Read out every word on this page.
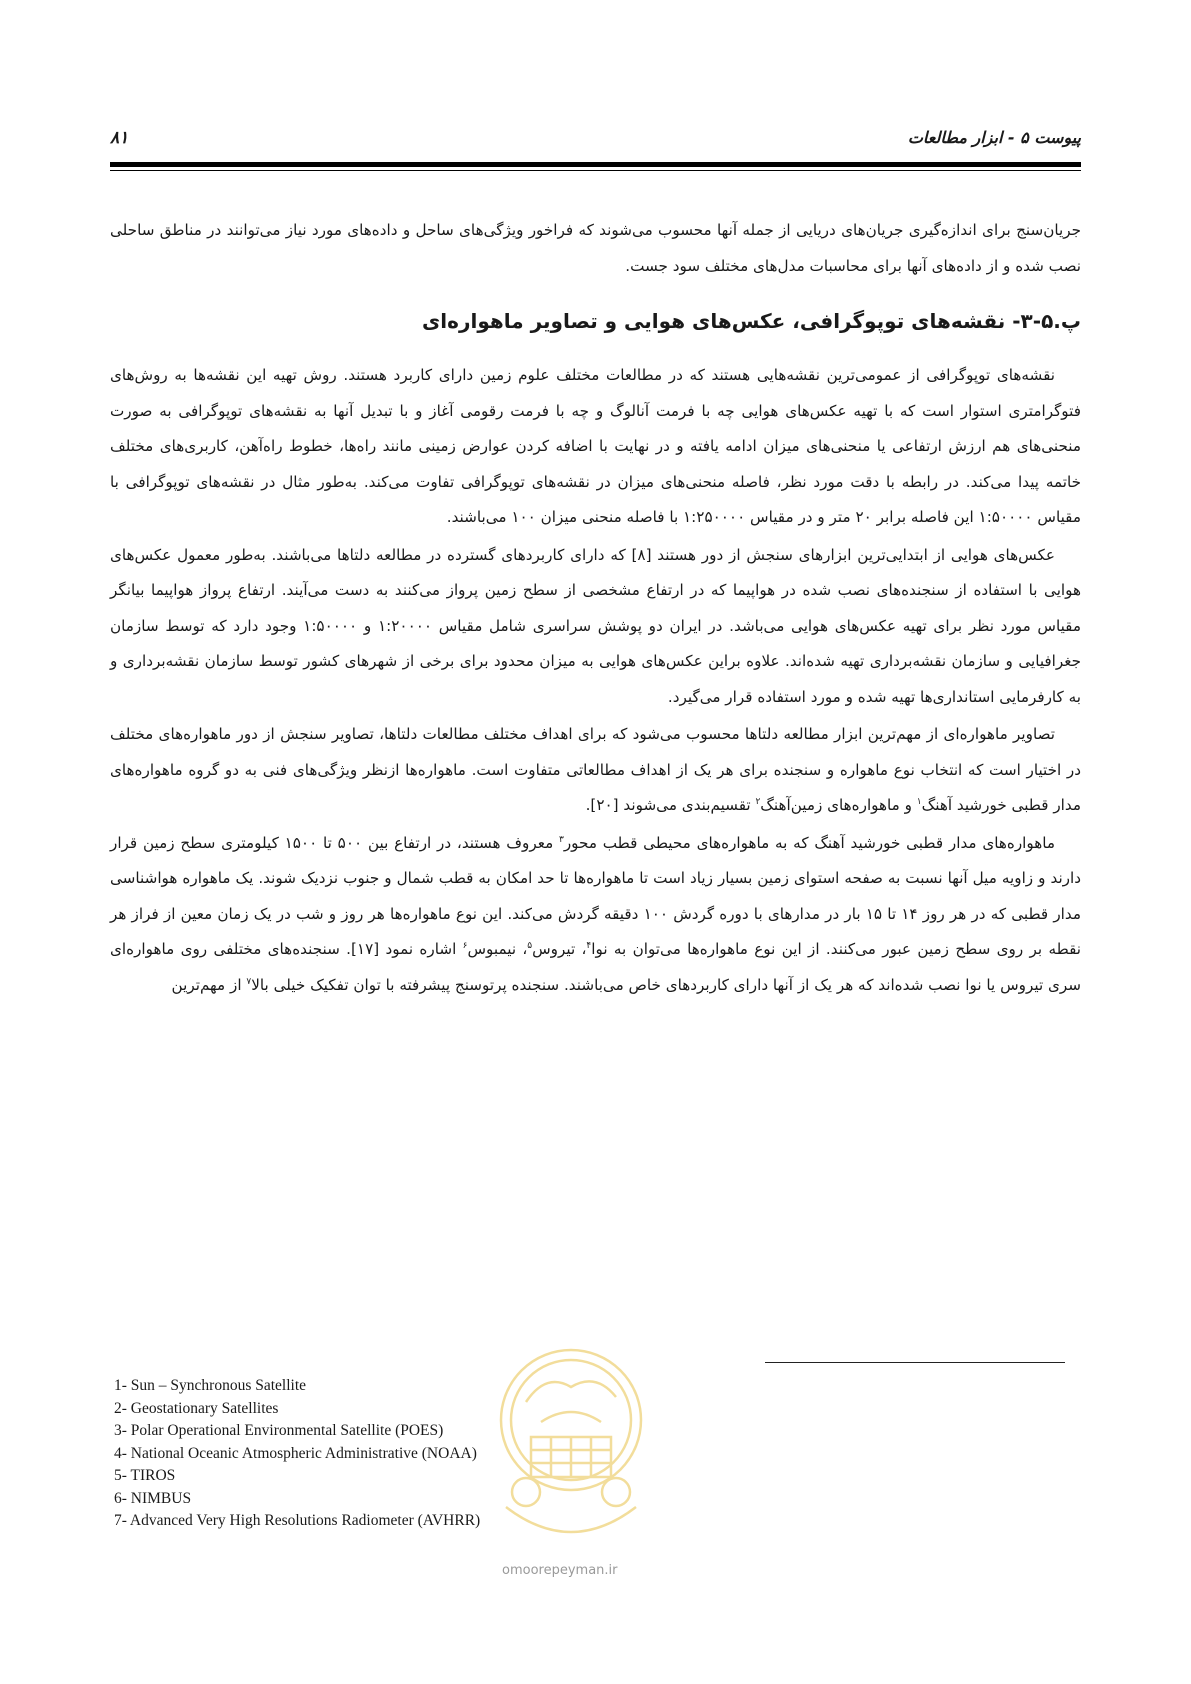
پیوست ۵ - ابزار مطالعات
۸۱

جریان‌سنج برای اندازه‌گیری جریان‌های دریایی از جمله آنها محسوب می‌شوند که فراخور ویژگی‌های ساحل و داده‌های مورد نیاز می‌توانند در مناطق ساحلی نصب شده و از داده‌های آنها برای محاسبات مدل‌های مختلف سود جست.

پ.۵-۳- نقشه‌های توپوگرافی، عکس‌های هوایی و تصاویر ماهواره‌ای

نقشه‌های توپوگرافی از عمومی‌ترین نقشه‌هایی هستند که در مطالعات مختلف علوم زمین دارای کاربرد هستند. روش تهیه این نقشه‌ها به روش‌های فتوگرامتری استوار است که با تهیه عکس‌های هوایی چه با فرمت آنالوگ و چه با فرمت رقومی آغاز و با تبدیل آنها به نقشه‌های توپوگرافی به صورت منحنی‌های هم ارزش ارتفاعی یا منحنی‌های میزان ادامه یافته و در نهایت با اضافه کردن عوارض زمینی مانند راه‌ها، خطوط راه‌آهن، کاربری‌های مختلف خاتمه پیدا می‌کند. در رابطه با دقت مورد نظر، فاصله منحنی‌های میزان در نقشه‌های توپوگرافی تفاوت می‌کند. به‌طور مثال در نقشه‌های توپوگرافی با مقیاس ۱:۵۰۰۰۰ این فاصله برابر ۲۰ متر و در مقیاس ۱:۲۵۰۰۰۰ با فاصله منحنی میزان ۱۰۰ می‌باشند.

عکس‌های هوایی از ابتدایی‌ترین ابزارهای سنجش از دور هستند [۸] که دارای کاربردهای گسترده در مطالعه دلتاها می‌باشند. به‌طور معمول عکس‌های هوایی با استفاده از سنجنده‌های نصب شده در هواپیما که در ارتفاع مشخصی از سطح زمین پرواز می‌کنند به دست می‌آیند. ارتفاع پرواز هواپیما بیانگر مقیاس مورد نظر برای تهیه عکس‌های هوایی می‌باشد. در ایران دو پوشش سراسری شامل مقیاس ۱:۲۰۰۰۰ و ۱:۵۰۰۰۰ وجود دارد که توسط سازمان جغرافیایی و سازمان نقشه‌برداری تهیه شده‌اند. علاوه براین عکس‌های هوایی به میزان محدود برای برخی از شهرهای کشور توسط سازمان نقشه‌برداری و به کارفرمایی استانداری‌ها تهیه شده و مورد استفاده قرار می‌گیرد.

تصاویر ماهواره‌ای از مهم‌ترین ابزار مطالعه دلتاها محسوب می‌شود که برای اهداف مختلف مطالعات دلتاها، تصاویر سنجش از دور ماهواره‌های مختلف در اختیار است که انتخاب نوع ماهواره و سنجنده برای هر یک از اهداف مطالعاتی متفاوت است. ماهواره‌ها ازنظر ویژگی‌های فنی به دو گروه ماهواره‌های مدار قطبی خورشید آهنگ$^۱$ و ماهواره‌های زمین‌آهنگ$^۲$ تقسیم‌بندی می‌شوند [۲۰].

ماهواره‌های مدار قطبی خورشید آهنگ که به ماهواره‌های محیطی قطب محور$^۳$ معروف هستند، در ارتفاع بین ۵۰۰ تا ۱۵۰۰ کیلومتری سطح زمین قرار دارند و زاویه میل آنها نسبت به صفحه استوای زمین بسیار زیاد است تا ماهواره‌ها تا حد امکان به قطب شمال و جنوب نزدیک شوند. یک ماهواره هواشناسی مدار قطبی که در هر روز ۱۴ تا ۱۵ بار در مدارهای با دوره گردش ۱۰۰ دقیقه گردش می‌کند. این نوع ماهواره‌ها هر روز و شب در یک زمان معین از فراز هر نقطه بر روی سطح زمین عبور می‌کنند. از این نوع ماهواره‌ها می‌توان به نوا$^۴$، تیروس$^۵$، نیمبوس$^۶$ اشاره نمود [۱۷]. سنجنده‌های مختلفی روی ماهواره‌ای سری تیروس یا نوا نصب شده‌اند که هر یک از آنها دارای کاربردهای خاص می‌باشند. سنجنده پرتوسنج پیشرفته با توان تفکیک خیلی بالا$^۷$ از مهم‌ترین

omoorepeyman.ir
1- Sun – Synchronous Satellite
2- Geostationary Satellites
3- Polar Operational Environmental Satellite (POES)
4- National Oceanic Atmospheric Administrative (NOAA)
5- TIROS
6- NIMBUS
7- Advanced Very High Resolutions Radiometer (AVHRR)
